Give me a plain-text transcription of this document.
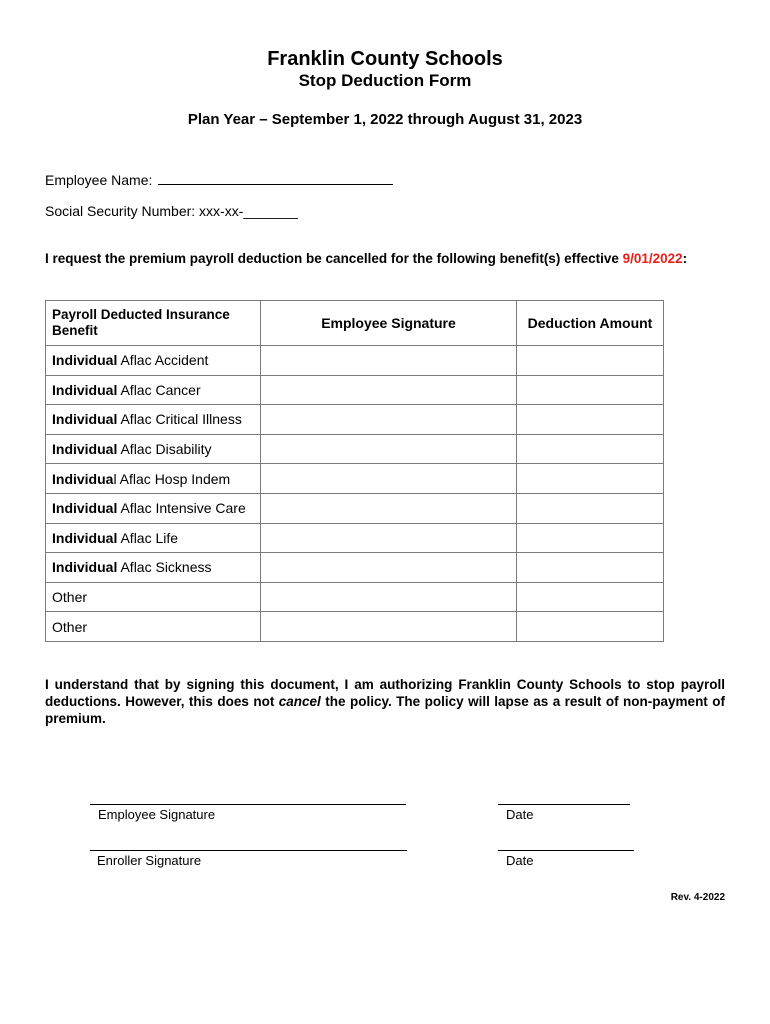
Franklin County Schools
Stop Deduction Form
Plan Year – September 1, 2022 through August 31, 2023
Employee Name:
Social Security Number: xxx-xx-_______
I request the premium payroll deduction be cancelled for the following benefit(s) effective 9/01/2022:
Payroll Deducted Insurance Benefit	Employee Signature	Deduction Amount
Individual Aflac Accident		
Individual Aflac Cancer		
Individual Aflac Critical Illness		
Individual Aflac Disability		
Individual Aflac Hosp Indem		
Individual Aflac Intensive Care		
Individual Aflac Life		
Individual Aflac Sickness		
Other		
Other		
I understand that by signing this document, I am authorizing Franklin County Schools to stop payroll deductions. However, this does not cancel the policy. The policy will lapse as a result of non-payment of premium.
Employee Signature	Date
Enroller Signature	Date
Rev. 4-2022
